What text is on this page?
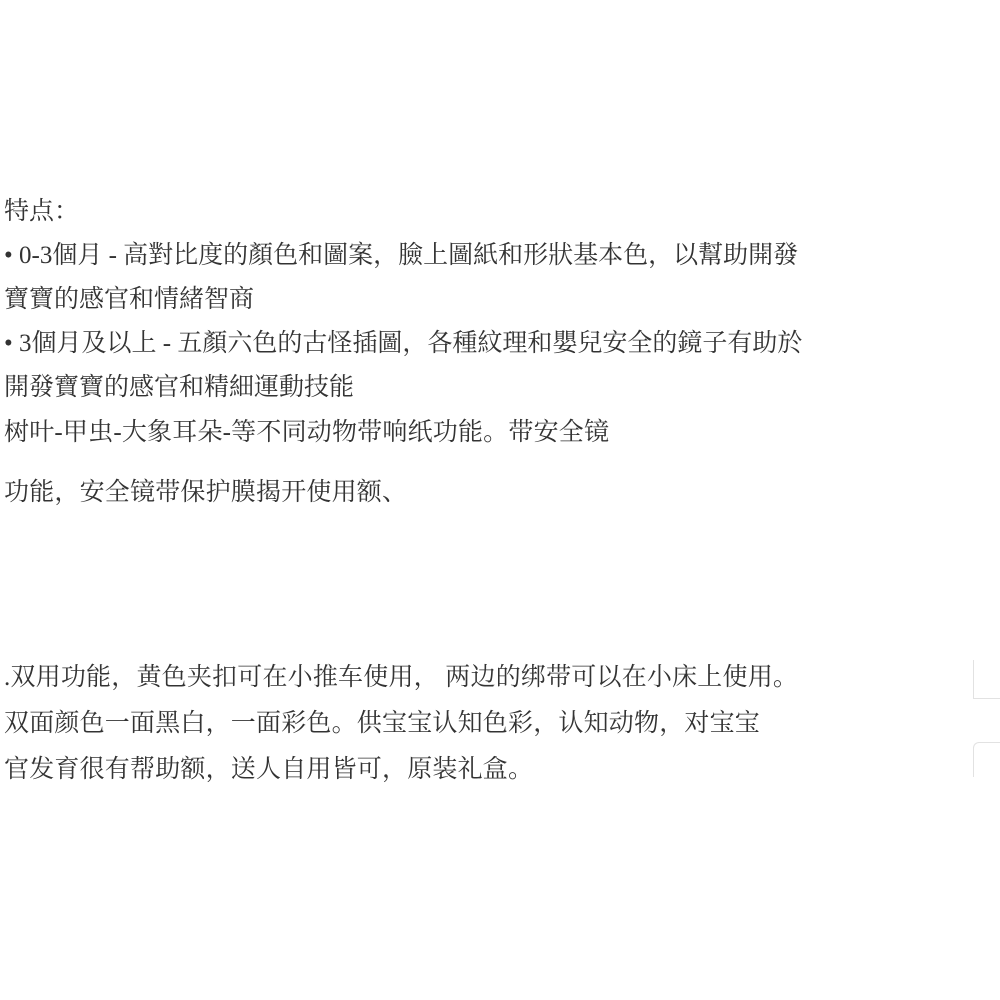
特点：
• 0-3個月 - 高對比度的顏色和圖案，臉上圖紙和形狀基本色，以幫助開發
寶寶的感官和情緒智商
• 3個月及以上 - 五顏六色的古怪插圖，各種紋理和嬰兒安全的鏡子有助於
開發寶寶的感官和精細運動技能
树叶-甲虫-大象耳朵-等不同动物带响纸功能。带安全镜
功能，安全镜带保护膜揭开使用额、
.双用功能，黄色夹扣可在小推车使用， 两边的绑带可以在小床上使用。
双面颜色一面黑白，一面彩色。供宝宝认知色彩，认知动物，对宝宝
官发育很有帮助额，送人自用皆可，原装礼盒。
